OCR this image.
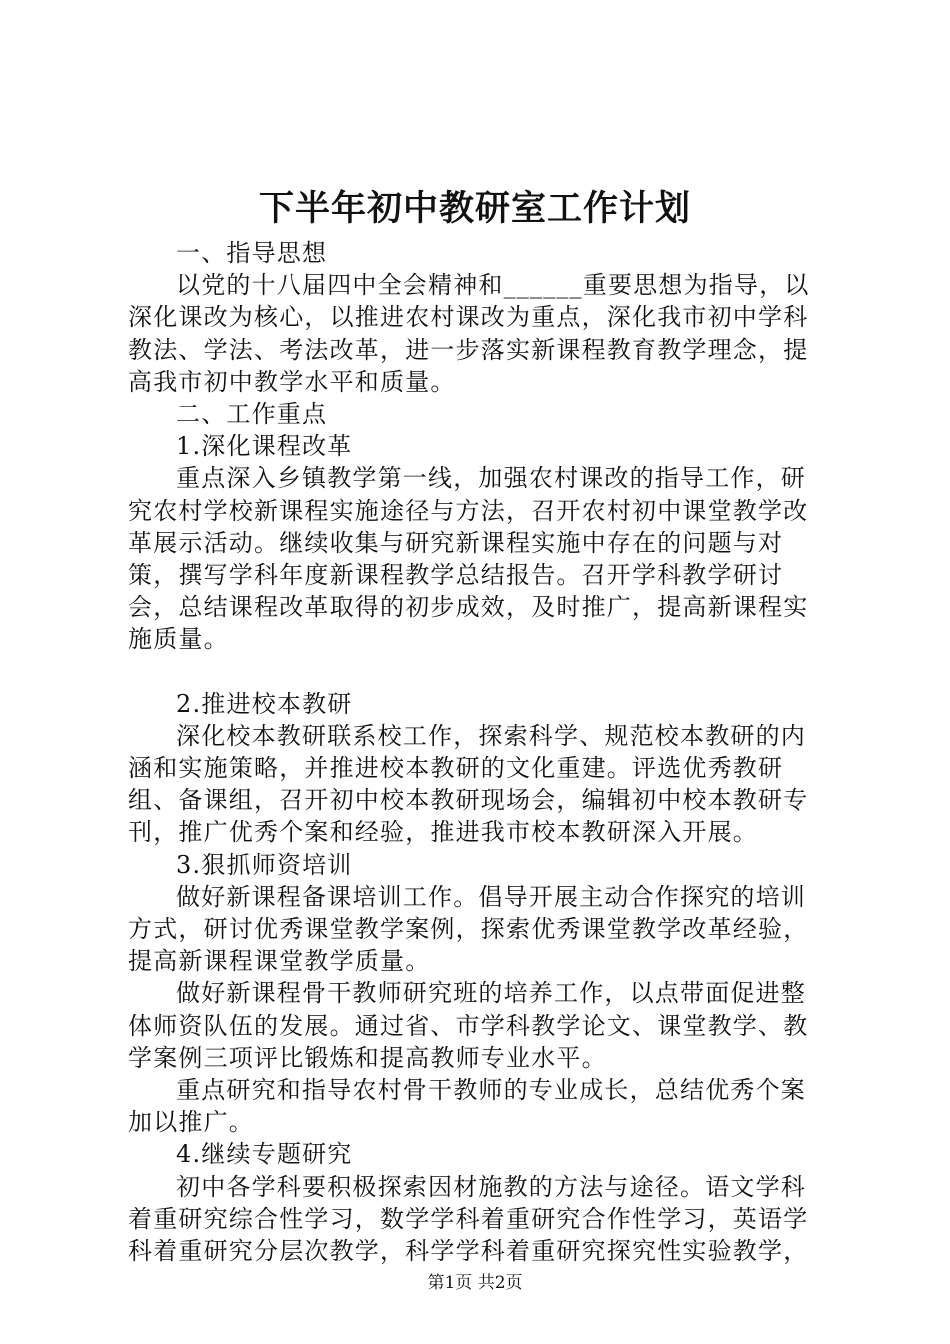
下半年初中教研室工作计划

一、指导思想

以党的十八届四中全会精神和______重要思想为指导，以深化课改为核心，以推进农村课改为重点，深化我市初中学科教法、学法、考法改革，进一步落实新课程教育教学理念，提高我市初中教学水平和质量。

二、工作重点

1.深化课程改革

重点深入乡镇教学第一线，加强农村课改的指导工作，研究农村学校新课程实施途径与方法，召开农村初中课堂教学改革展示活动。继续收集与研究新课程实施中存在的问题与对策，撰写学科年度新课程教学总结报告。召开学科教学研讨会，总结课程改革取得的初步成效，及时推广，提高新课程实施质量。

2.推进校本教研

深化校本教研联系校工作，探索科学、规范校本教研的内涵和实施策略，并推进校本教研的文化重建。评选优秀教研组、备课组，召开初中校本教研现场会，编辑初中校本教研专刊，推广优秀个案和经验，推进我市校本教研深入开展。

3.狠抓师资培训

做好新课程备课培训工作。倡导开展主动合作探究的培训方式，研讨优秀课堂教学案例，探索优秀课堂教学改革经验，提高新课程课堂教学质量。

做好新课程骨干教师研究班的培养工作，以点带面促进整体师资队伍的发展。通过省、市学科教学论文、课堂教学、教学案例三项评比锻炼和提高教师专业水平。

重点研究和指导农村骨干教师的专业成长，总结优秀个案加以推广。

4.继续专题研究

初中各学科要积极探索因材施教的方法与途径。语文学科着重研究综合性学习，数学学科着重研究合作性学习，英语学科着重研究分层次教学，科学学科着重研究探究性实验教学，

第1页 共2页
